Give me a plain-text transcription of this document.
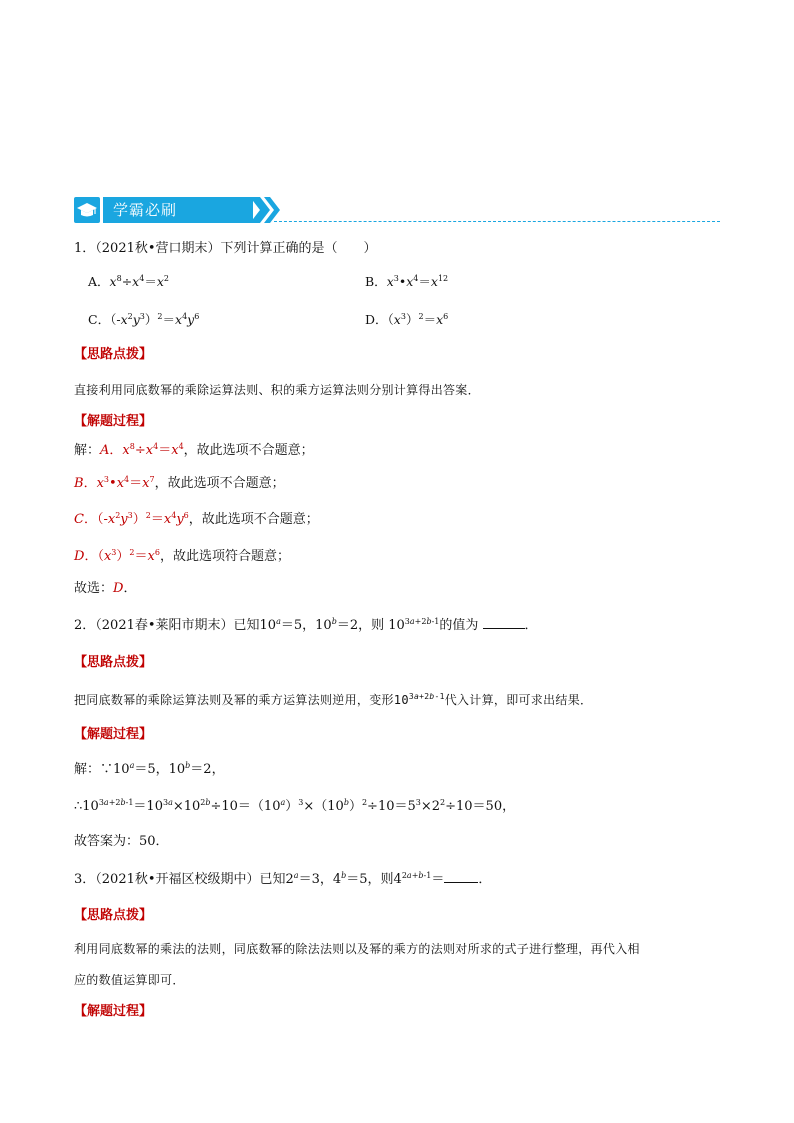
学霸必刷
1．（2021秋•营口期末）下列计算正确的是（　　）
A．$x^8\div x^4=x^2$	B．$x^3•x^4=x^{12}$
C．$(-x^2y^3)^2=x^4y^6$	D．$(x^3)^2=x^6$
【思路点拨】
直接利用同底数幂的乘除运算法则、积的乘方运算法则分别计算得出答案．
【解题过程】
解：A．$x^8\div x^4=x^4$，故此选项不合题意；
B．$x^3•x^4=x^7$，故此选项不合题意；
C．$(-x^2y^3)^2=x^4y^6$，故此选项不合题意；
D．$(x^3)^2=x^6$，故此选项符合题意；
故选：D．
2．（2021春•莱阳市期末）已知$10^a=5$，$10^b=2$，则 $10^{3a+2b-1}$的值为	．
【思路点拨】
把同底数幂的乘除运算法则及幂的乘方运算法则逆用，变形$10^{3a+2b-1}$代入计算，即可求出结果．
【解题过程】
解：$\because 10^a=5$，$10^b=2$，
$\therefore 10^{3a+2b-1}=10^{3a}\times 10^{2b}\div 10=(10^a)^3\times(10^b)^2\div 10=5^3\times 2^2\div 10=50$，
故答案为：50．
3．（2021秋•开福区校级期中）已知$2^a=3$，$4^b=5$，则$4^{2a+b-1}=$	．
【思路点拨】
利用同底数幂的乘法的法则，同底数幂的除法法则以及幂的乘方的法则对所求的式子进行整理，再代入相
应的数值运算即可．
【解题过程】
